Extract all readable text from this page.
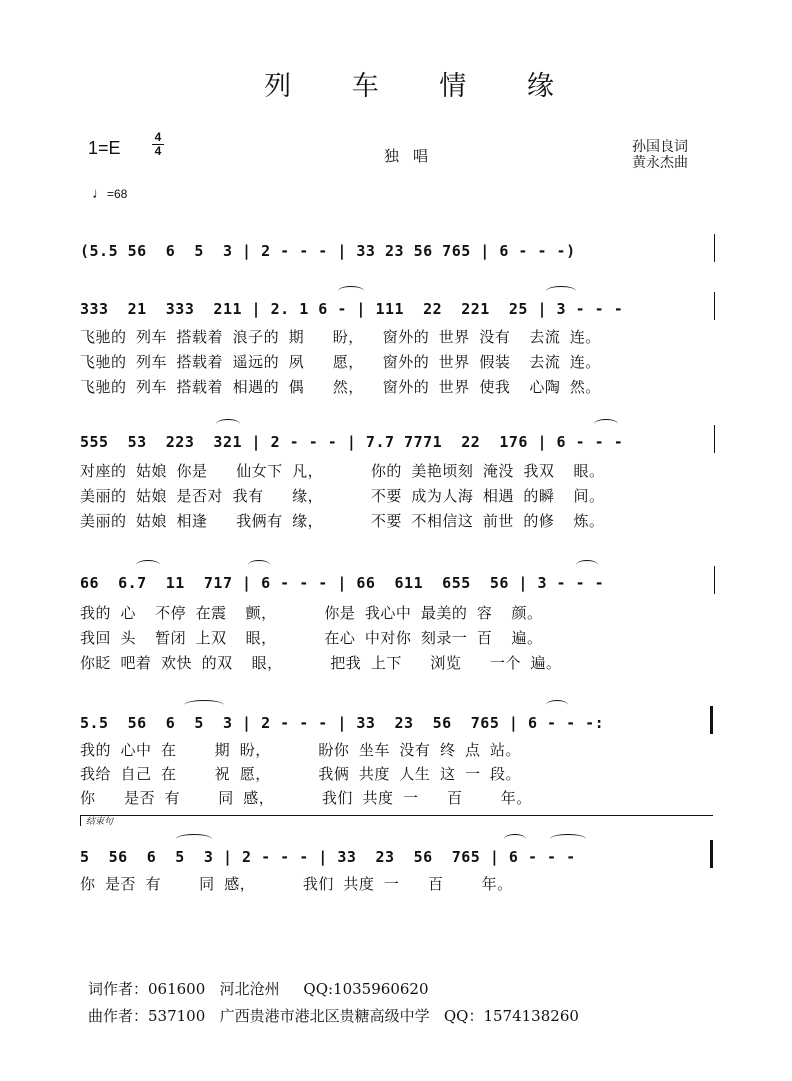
列 车 情 缘
1=E
4
4	独唱	孙国良词
黄永杰曲
♩=68
(5.5 56  6  5  3 | 2 - - - | 33 23 56 765 | 6 - - -)
333  21  333  211 | 2. 1 6 - | 111  22  221  25 | 3 - - -
飞驰的 列车 搭载着 浪子的 期   盼，  窗外的 世界 没有  去流 连。
飞驰的 列车 搭载着 遥远的 夙   愿，  窗外的 世界 假装  去流 连。
飞驰的 列车 搭载着 相遇的 偶   然，  窗外的 世界 使我  心陶 然。
555  53  223  321 | 2 - - - | 7.7 7771  22  176 | 6 - - -
对座的 姑娘 你是   仙女下 凡，     你的 美艳顷刻 淹没 我双  眼。
美丽的 姑娘 是否对 我有   缘，     不要 成为人海 相遇 的瞬  间。
美丽的 姑娘 相逢   我俩有 缘，     不要 不相信这 前世 的修  炼。
66  6.7  11  717 | 6 - - - | 66  611  655  56 | 3 - - -
我的 心  不停 在震  颤，     你是 我心中 最美的 容  颜。
我回 头  暂闭 上双  眼，     在心 中对你 刻录一 百  遍。
你眨 吧着 欢快 的双  眼，     把我 上下   浏览   一个 遍。
5.5  56  6  5  3 | 2 - - - | 33  23  56  765 | 6 - - -:
我的 心中 在    期 盼，     盼你 坐车 没有 终 点 站。
我给 自己 在    祝 愿，     我俩 共度 人生 这 一 段。
你   是否 有    同 感，     我们 共度 一   百    年。
结束句
5  56  6  5  3 | 2 - - - | 33  23  56  765 | 6 - - -
你 是否 有    同 感，     我们 共度 一   百    年。
词作者：061600   河北沧州     QQ:1035960620
曲作者：537100   广西贵港市港北区贵糖高级中学   QQ：1574138260
